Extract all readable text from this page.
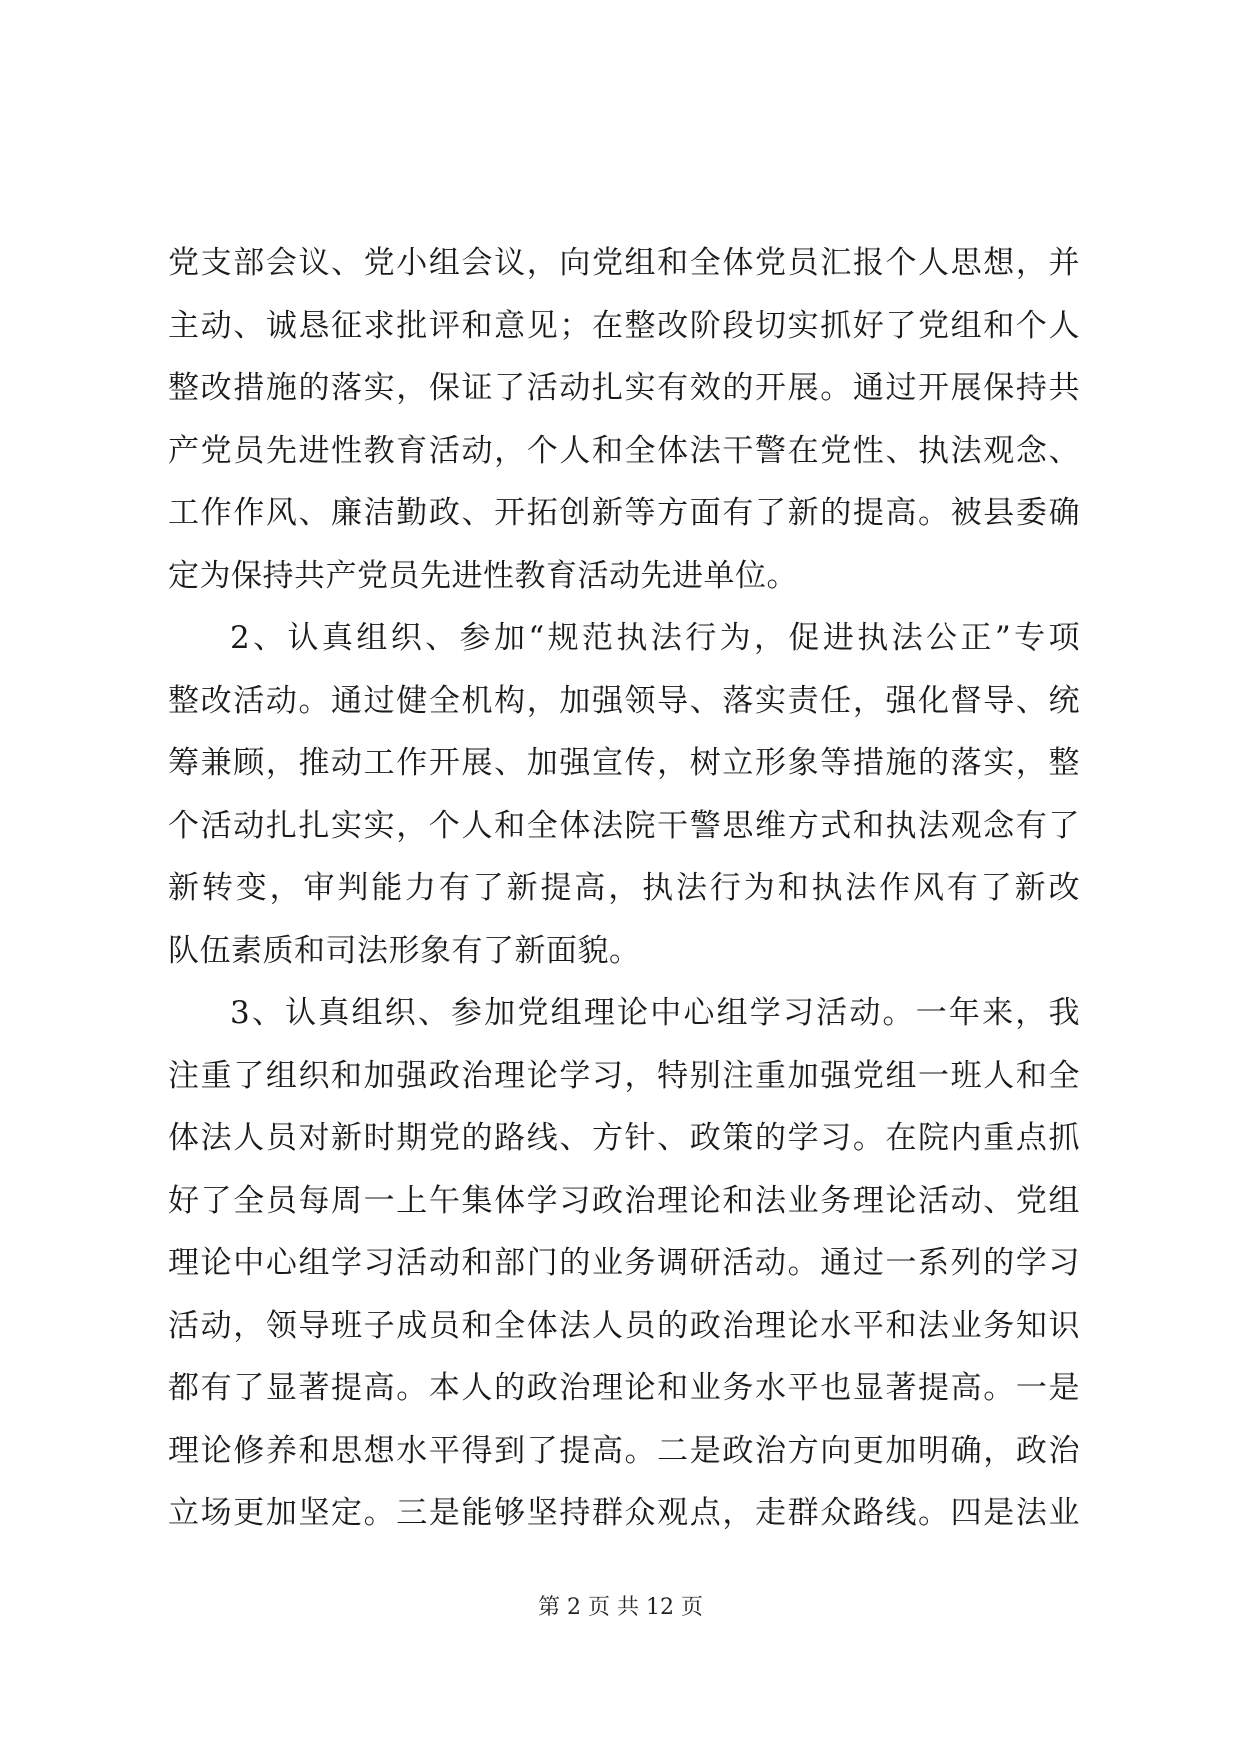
党支部会议、党小组会议，向党组和全体党员汇报个人思想，并
主动、诚恳征求批评和意见；在整改阶段切实抓好了党组和个人
整改措施的落实，保证了活动扎实有效的开展。通过开展保持共
产党员先进性教育活动，个人和全体法干警在党性、执法观念、
工作作风、廉洁勤政、开拓创新等方面有了新的提高。被县委确
定为保持共产党员先进性教育活动先进单位。
2、认真组织、参加“规范执法行为，促进执法公正”专项
整改活动。通过健全机构，加强领导、落实责任，强化督导、统
筹兼顾，推动工作开展、加强宣传，树立形象等措施的落实，整
个活动扎扎实实，个人和全体法院干警思维方式和执法观念有了
新转变，审判能力有了新提高，执法行为和执法作风有了新改
队伍素质和司法形象有了新面貌。
3、认真组织、参加党组理论中心组学习活动。一年来，我
注重了组织和加强政治理论学习，特别注重加强党组一班人和全
体法人员对新时期党的路线、方针、政策的学习。在院内重点抓
好了全员每周一上午集体学习政治理论和法业务理论活动、党组
理论中心组学习活动和部门的业务调研活动。通过一系列的学习
活动，领导班子成员和全体法人员的政治理论水平和法业务知识
都有了显著提高。本人的政治理论和业务水平也显著提高。一是
理论修养和思想水平得到了提高。二是政治方向更加明确，政治
立场更加坚定。三是能够坚持群众观点，走群众路线。四是法业
第 2 页 共 12 页
